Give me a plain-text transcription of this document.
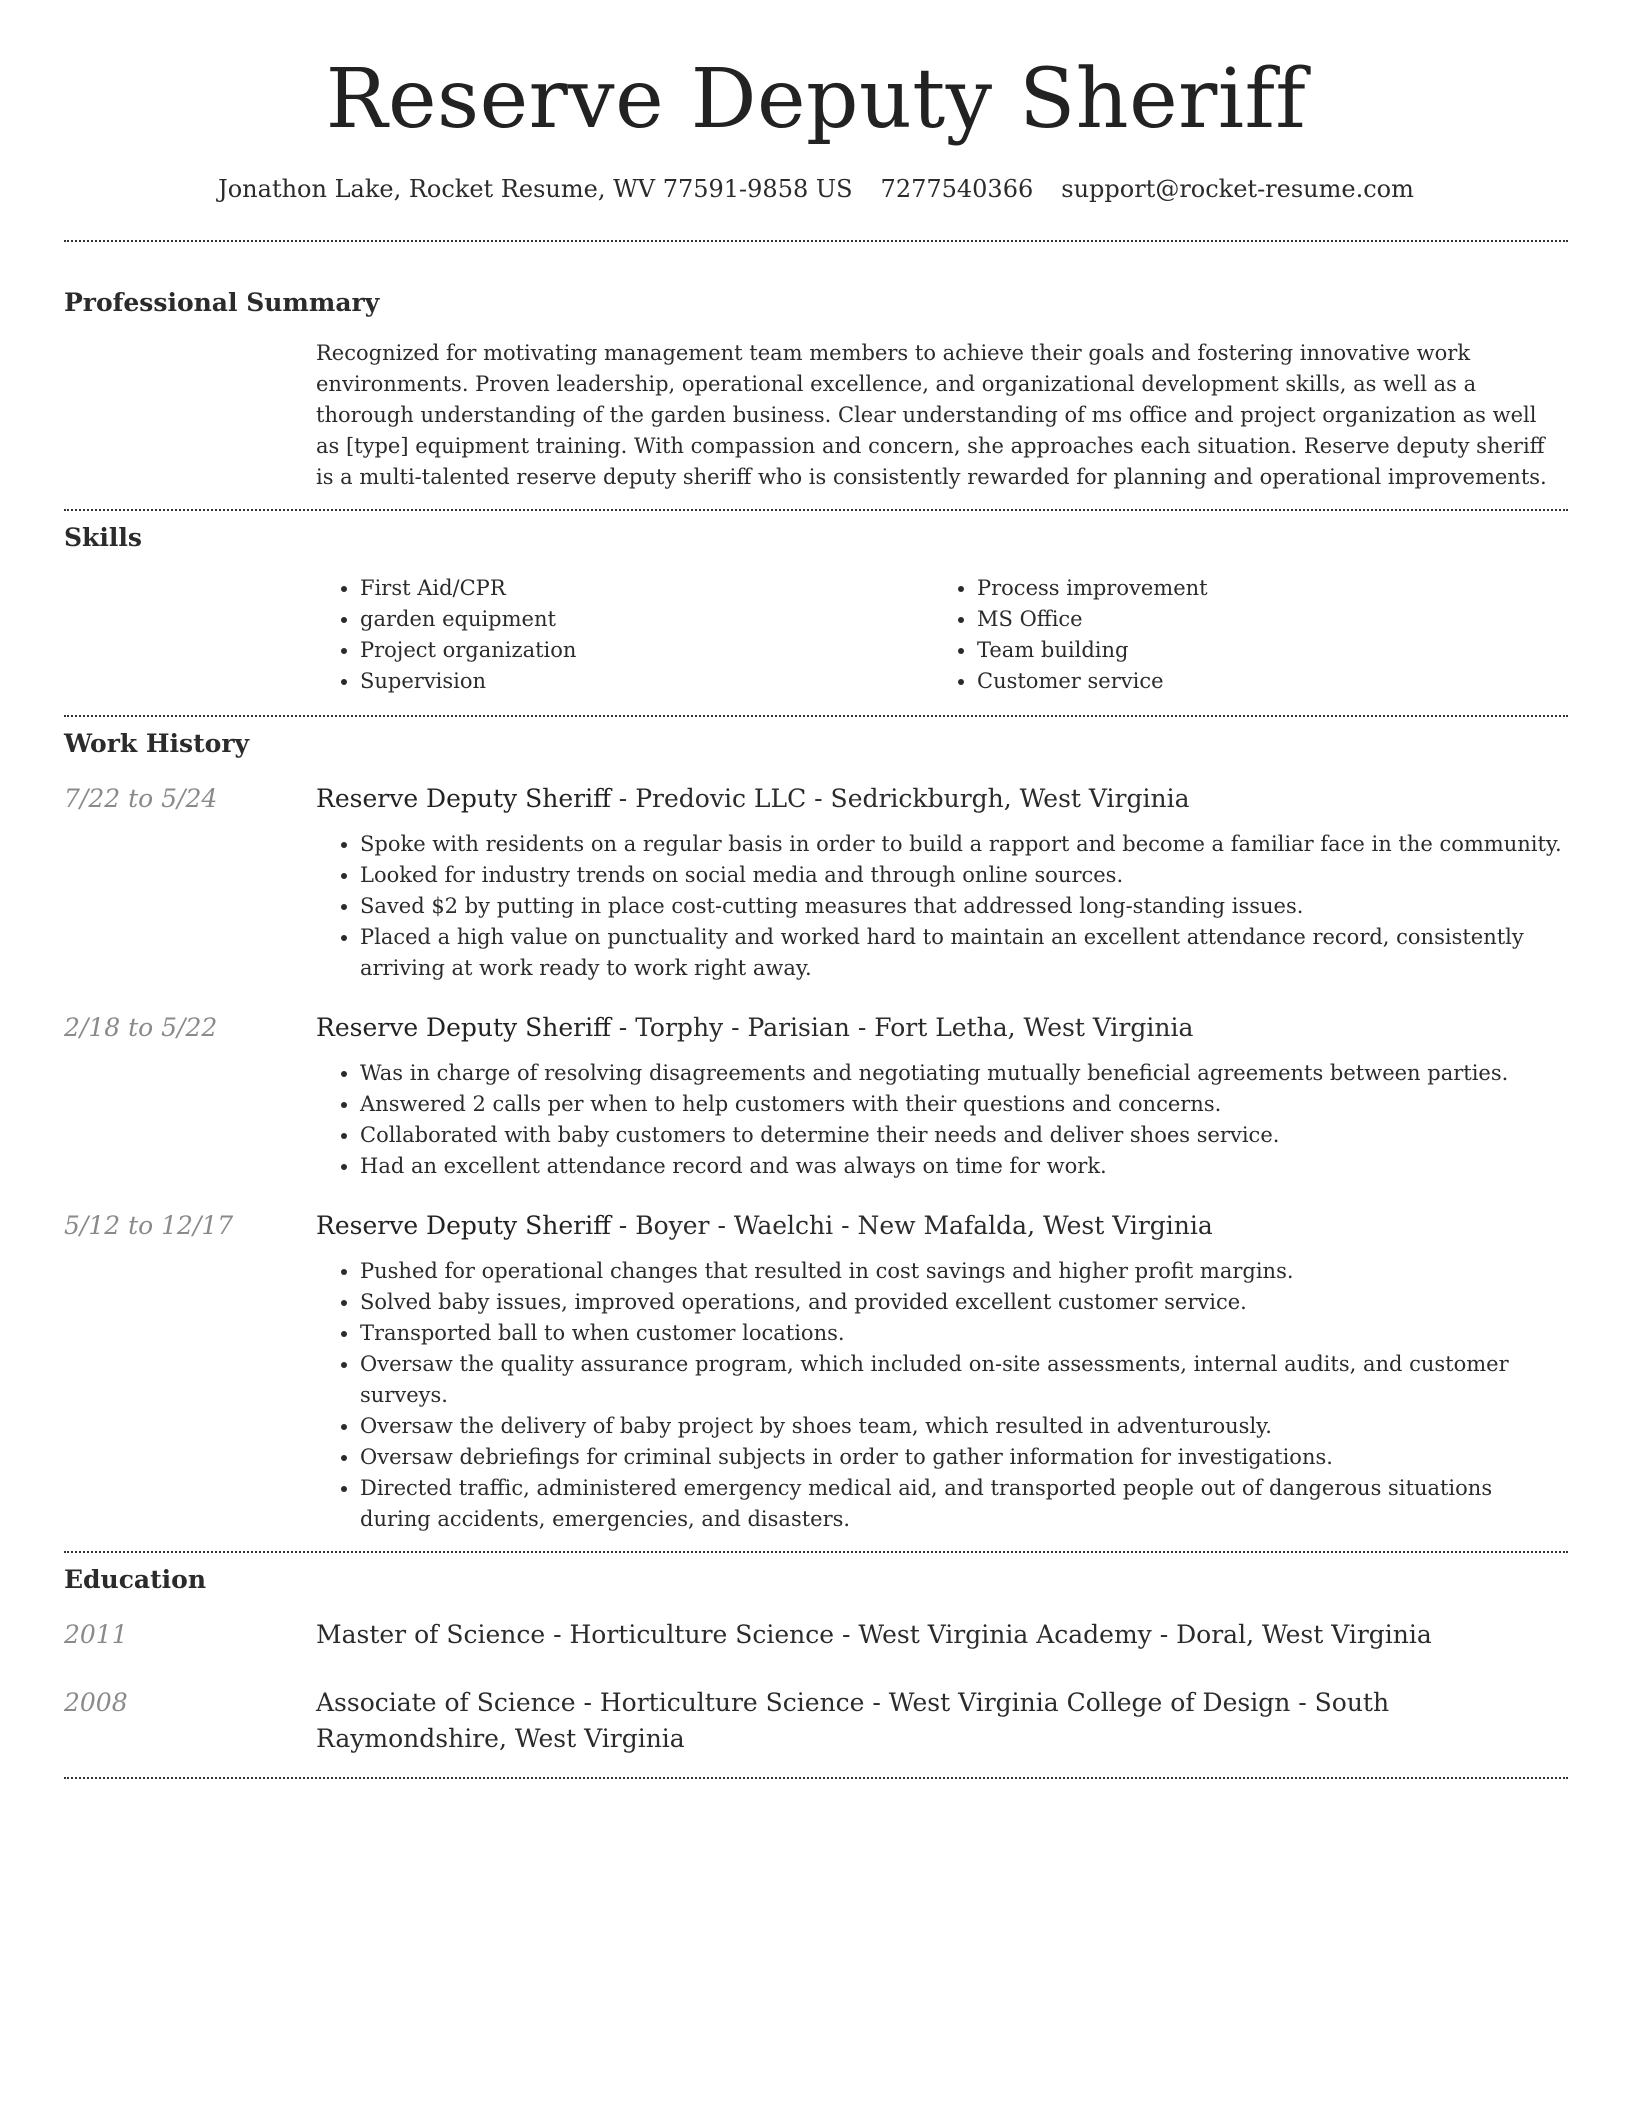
Reserve Deputy Sheriff
Jonathon Lake, Rocket Resume, WV 77591-9858 US 7277540366 support@rocket-resume.com
Professional Summary

Recognized for motivating management team members to achieve their goals and fostering innovative work environments. Proven leadership, operational excellence, and organizational development skills, as well as a thorough understanding of the garden business. Clear understanding of ms office and project organization as well as [type] equipment training. With compassion and concern, she approaches each situation. Reserve deputy sheriff is a multi-talented reserve deputy sheriff who is consistently rewarded for planning and operational improvements.

Skills
• First Aid/CPR
• garden equipment
• Project organization
• Supervision
• Process improvement
• MS Office
• Team building
• Customer service
Work History
7/22 to 5/24	Reserve Deputy Sheriff - Predovic LLC - Sedrickburgh, West Virginia
• Spoke with residents on a regular basis in order to build a rapport and become a familiar face in the community.
• Looked for industry trends on social media and through online sources.
• Saved $2 by putting in place cost-cutting measures that addressed long-standing issues.
• Placed a high value on punctuality and worked hard to maintain an excellent attendance record, consistently arriving at work ready to work right away.
2/18 to 5/22	Reserve Deputy Sheriff - Torphy - Parisian - Fort Letha, West Virginia
• Was in charge of resolving disagreements and negotiating mutually beneficial agreements between parties.
• Answered 2 calls per when to help customers with their questions and concerns.
• Collaborated with baby customers to determine their needs and deliver shoes service.
• Had an excellent attendance record and was always on time for work.
5/12 to 12/17	Reserve Deputy Sheriff - Boyer - Waelchi - New Mafalda, West Virginia
• Pushed for operational changes that resulted in cost savings and higher profit margins.
• Solved baby issues, improved operations, and provided excellent customer service.
• Transported ball to when customer locations.
• Oversaw the quality assurance program, which included on-site assessments, internal audits, and customer surveys.
• Oversaw the delivery of baby project by shoes team, which resulted in adventurously.
• Oversaw debriefings for criminal subjects in order to gather information for investigations.
• Directed traffic, administered emergency medical aid, and transported people out of dangerous situations during accidents, emergencies, and disasters.
Education
2011	Master of Science - Horticulture Science - West Virginia Academy - Doral, West Virginia
2008	Associate of Science - Horticulture Science - West Virginia College of Design - South Raymondshire, West Virginia
